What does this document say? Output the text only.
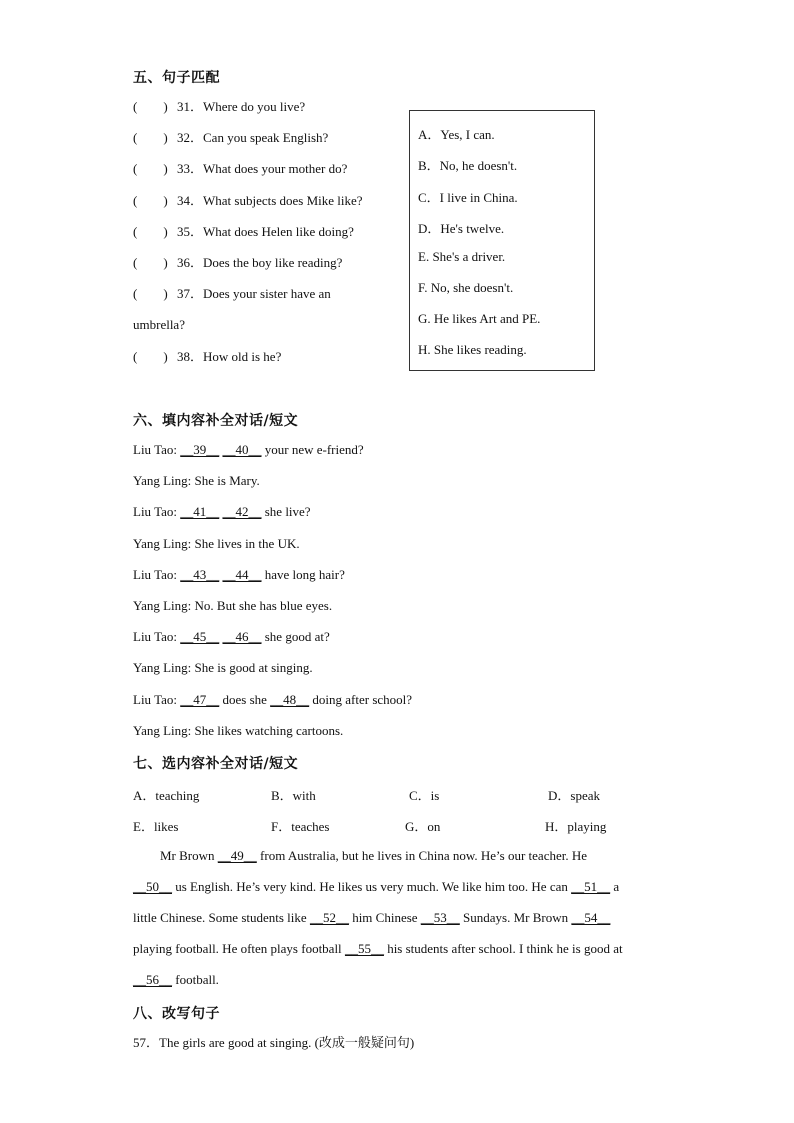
五、句子匹配
(　　) 31．Where do you live?
(　　) 32．Can you speak English?
(　　) 33．What does your mother do?
(　　) 34．What subjects does Mike like?
(　　) 35．What does Helen like doing?
(　　) 36．Does the boy like reading?
(　　) 37．Does your sister have an
umbrella?
(　　) 38．How old is he?
A．Yes, I can.
B．No, he doesn't.
C．I live in China.
D．He's twelve.
E. She's a driver.
F. No, she doesn't.
G. He likes Art and PE.
H. She likes reading.
六、填内容补全对话/短文
Liu Tao: __39__ __40__ your new e-friend?
Yang Ling: She is Mary.
Liu Tao: __41__ __42__ she live?
Yang Ling: She lives in the UK.
Liu Tao: __43__ __44__ have long hair?
Yang Ling: No. But she has blue eyes.
Liu Tao: __45__ __46__ she good at?
Yang Ling: She is good at singing.
Liu Tao: __47__ does she __48__ doing after school?
Yang Ling: She likes watching cartoons.
七、选内容补全对话/短文
A．teaching	B．with	C．is	D．speak
E．likes	F．teaches	G．on	H．playing
Mr Brown __49__ from Australia, but he lives in China now. He’s our teacher. He
__50__ us English. He’s very kind. He likes us very much. We like him too. He can __51__ a
little Chinese. Some students like __52__ him Chinese __53__ Sundays. Mr Brown __54__
playing football. He often plays football __55__ his students after school. I think he is good at
__56__ football.
八、改写句子
57．The girls are good at singing. (改成一般疑问句)
